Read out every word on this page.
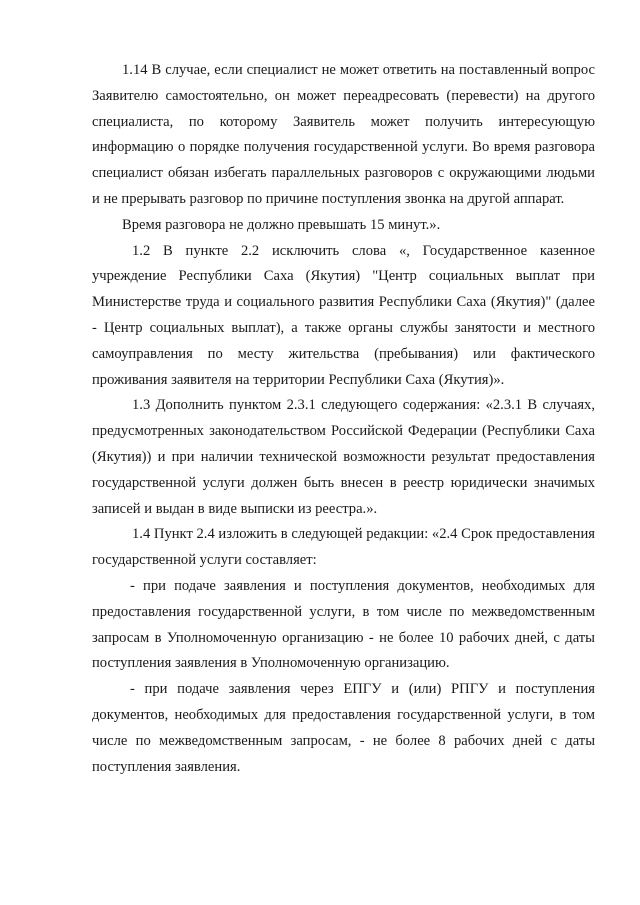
1.14 В случае, если специалист не может ответить на поставленный вопрос Заявителю самостоятельно, он может переадресовать (перевести) на другого специалиста, по которому Заявитель может получить интересующую информацию о порядке получения государственной услуги. Во время разговора специалист обязан избегать параллельных разговоров с окружающими людьми и не прерывать разговор по причине поступления звонка на другой аппарат.

Время разговора не должно превышать 15 минут.».

1.2 В пункте 2.2 исключить слова «, Государственное казенное учреждение Республики Саха (Якутия) "Центр социальных выплат при Министерстве труда и социального развития Республики Саха (Якутия)" (далее - Центр социальных выплат), а также органы службы занятости и местного самоуправления по месту жительства (пребывания) или фактического проживания заявителя на территории Республики Саха (Якутия)».

1.3 Дополнить пунктом 2.3.1 следующего содержания: «2.3.1 В случаях, предусмотренных законодательством Российской Федерации (Республики Саха (Якутия)) и при наличии технической возможности результат предоставления государственной услуги должен быть внесен в реестр юридически значимых записей и выдан в виде выписки из реестра.».

1.4 Пункт 2.4 изложить в следующей редакции: «2.4 Срок предоставления государственной услуги составляет:

- при подаче заявления и поступления документов, необходимых для предоставления государственной услуги, в том числе по межведомственным запросам в Уполномоченную организацию - не более 10 рабочих дней, с даты поступления заявления в Уполномоченную организацию.

- при подаче заявления через ЕПГУ и (или) РПГУ и поступления документов, необходимых для предоставления государственной услуги, в том числе по межведомственным запросам, - не более 8 рабочих дней с даты поступления заявления.
